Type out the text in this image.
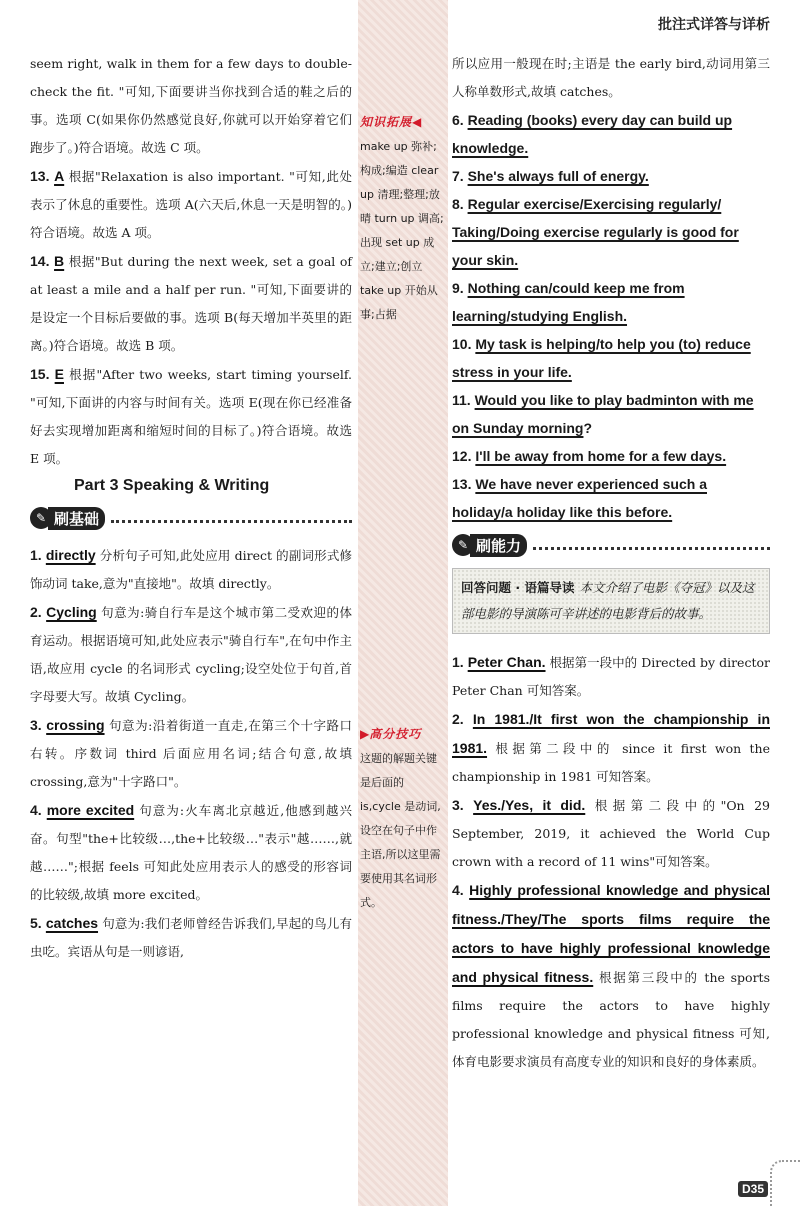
批注式详答与详析
知识拓展◀
make up 弥补;构成;编造 clear up 清理;整理;放晴 turn up 调高;出现 set up 成立;建立;创立 take up 开始从事;占据
▶高分技巧
这题的解题关键是后面的 is,cycle 是动词,设空在句子中作主语,所以这里需要使用其名词形式。
seem right, walk in them for a few days to double-check the fit. "可知,下面要讲当你找到合适的鞋之后的事。选项 C(如果你仍然感觉良好,你就可以开始穿着它们跑步了。)符合语境。故选 C 项。
13. A 根据"Relaxation is also important. "可知,此处表示了休息的重要性。选项 A(六天后,休息一天是明智的。)符合语境。故选 A 项。
14. B 根据"But during the next week, set a goal of at least a mile and a half per run. "可知,下面要讲的是设定一个目标后要做的事。选项 B(每天增加半英里的距离。)符合语境。故选 B 项。
15. E 根据"After two weeks, start timing yourself. "可知,下面讲的内容与时间有关。选项 E(现在你已经准备好去实现增加距离和缩短时间的目标了。)符合语境。故选 E 项。
Part 3 Speaking & Writing
✎ 刷基础
1. directly 分析句子可知,此处应用 direct 的副词形式修饰动词 take,意为"直接地"。故填 directly。
2. Cycling 句意为:骑自行车是这个城市第二受欢迎的体育运动。根据语境可知,此处应表示"骑自行车",在句中作主语,故应用 cycle 的名词形式 cycling;设空处位于句首,首字母要大写。故填 Cycling。
3. crossing 句意为:沿着街道一直走,在第三个十字路口右转。序数词 third 后面应用名词;结合句意,故填 crossing,意为"十字路口"。
4. more excited 句意为:火车离北京越近,他感到越兴奋。句型"the+比较级…,the+比较级…"表示"越……,就越……";根据 feels 可知此处应用表示人的感受的形容词的比较级,故填 more excited。
5. catches 句意为:我们老师曾经告诉我们,早起的鸟儿有虫吃。宾语从句是一则谚语,
所以应用一般现在时;主语是 the early bird,动词用第三人称单数形式,故填 catches。
6. Reading (books) every day can build up knowledge.
7. She's always full of energy.
8. Regular exercise/Exercising regularly/ Taking/Doing exercise regularly is good for your skin.
9. Nothing can/could keep me from learning/studying English.
10. My task is helping/to help you (to) reduce stress in your life.
11. Would you like to play badminton with me on Sunday morning?
12. I'll be away from home for a few days.
13. We have never experienced such a holiday/a holiday like this before.
✎ 刷能力
回答问题 · 语篇导读 本文介绍了电影《夺冠》以及这部电影的导演陈可辛讲述的电影背后的故事。
1. Peter Chan. 根据第一段中的 Directed by director Peter Chan 可知答案。
2. In 1981./It first won the championship in 1981. 根据第二段中的 since it first won the championship in 1981 可知答案。
3. Yes./Yes, it did. 根据第二段中的"On 29 September, 2019, it achieved the World Cup crown with a record of 11 wins"可知答案。
4. Highly professional knowledge and physical fitness./They/The sports films require the actors to have highly professional knowledge and physical fitness. 根据第三段中的 the sports films require the actors to have highly professional knowledge and physical fitness 可知,体育电影要求演员有高度专业的知识和良好的身体素质。
D35
